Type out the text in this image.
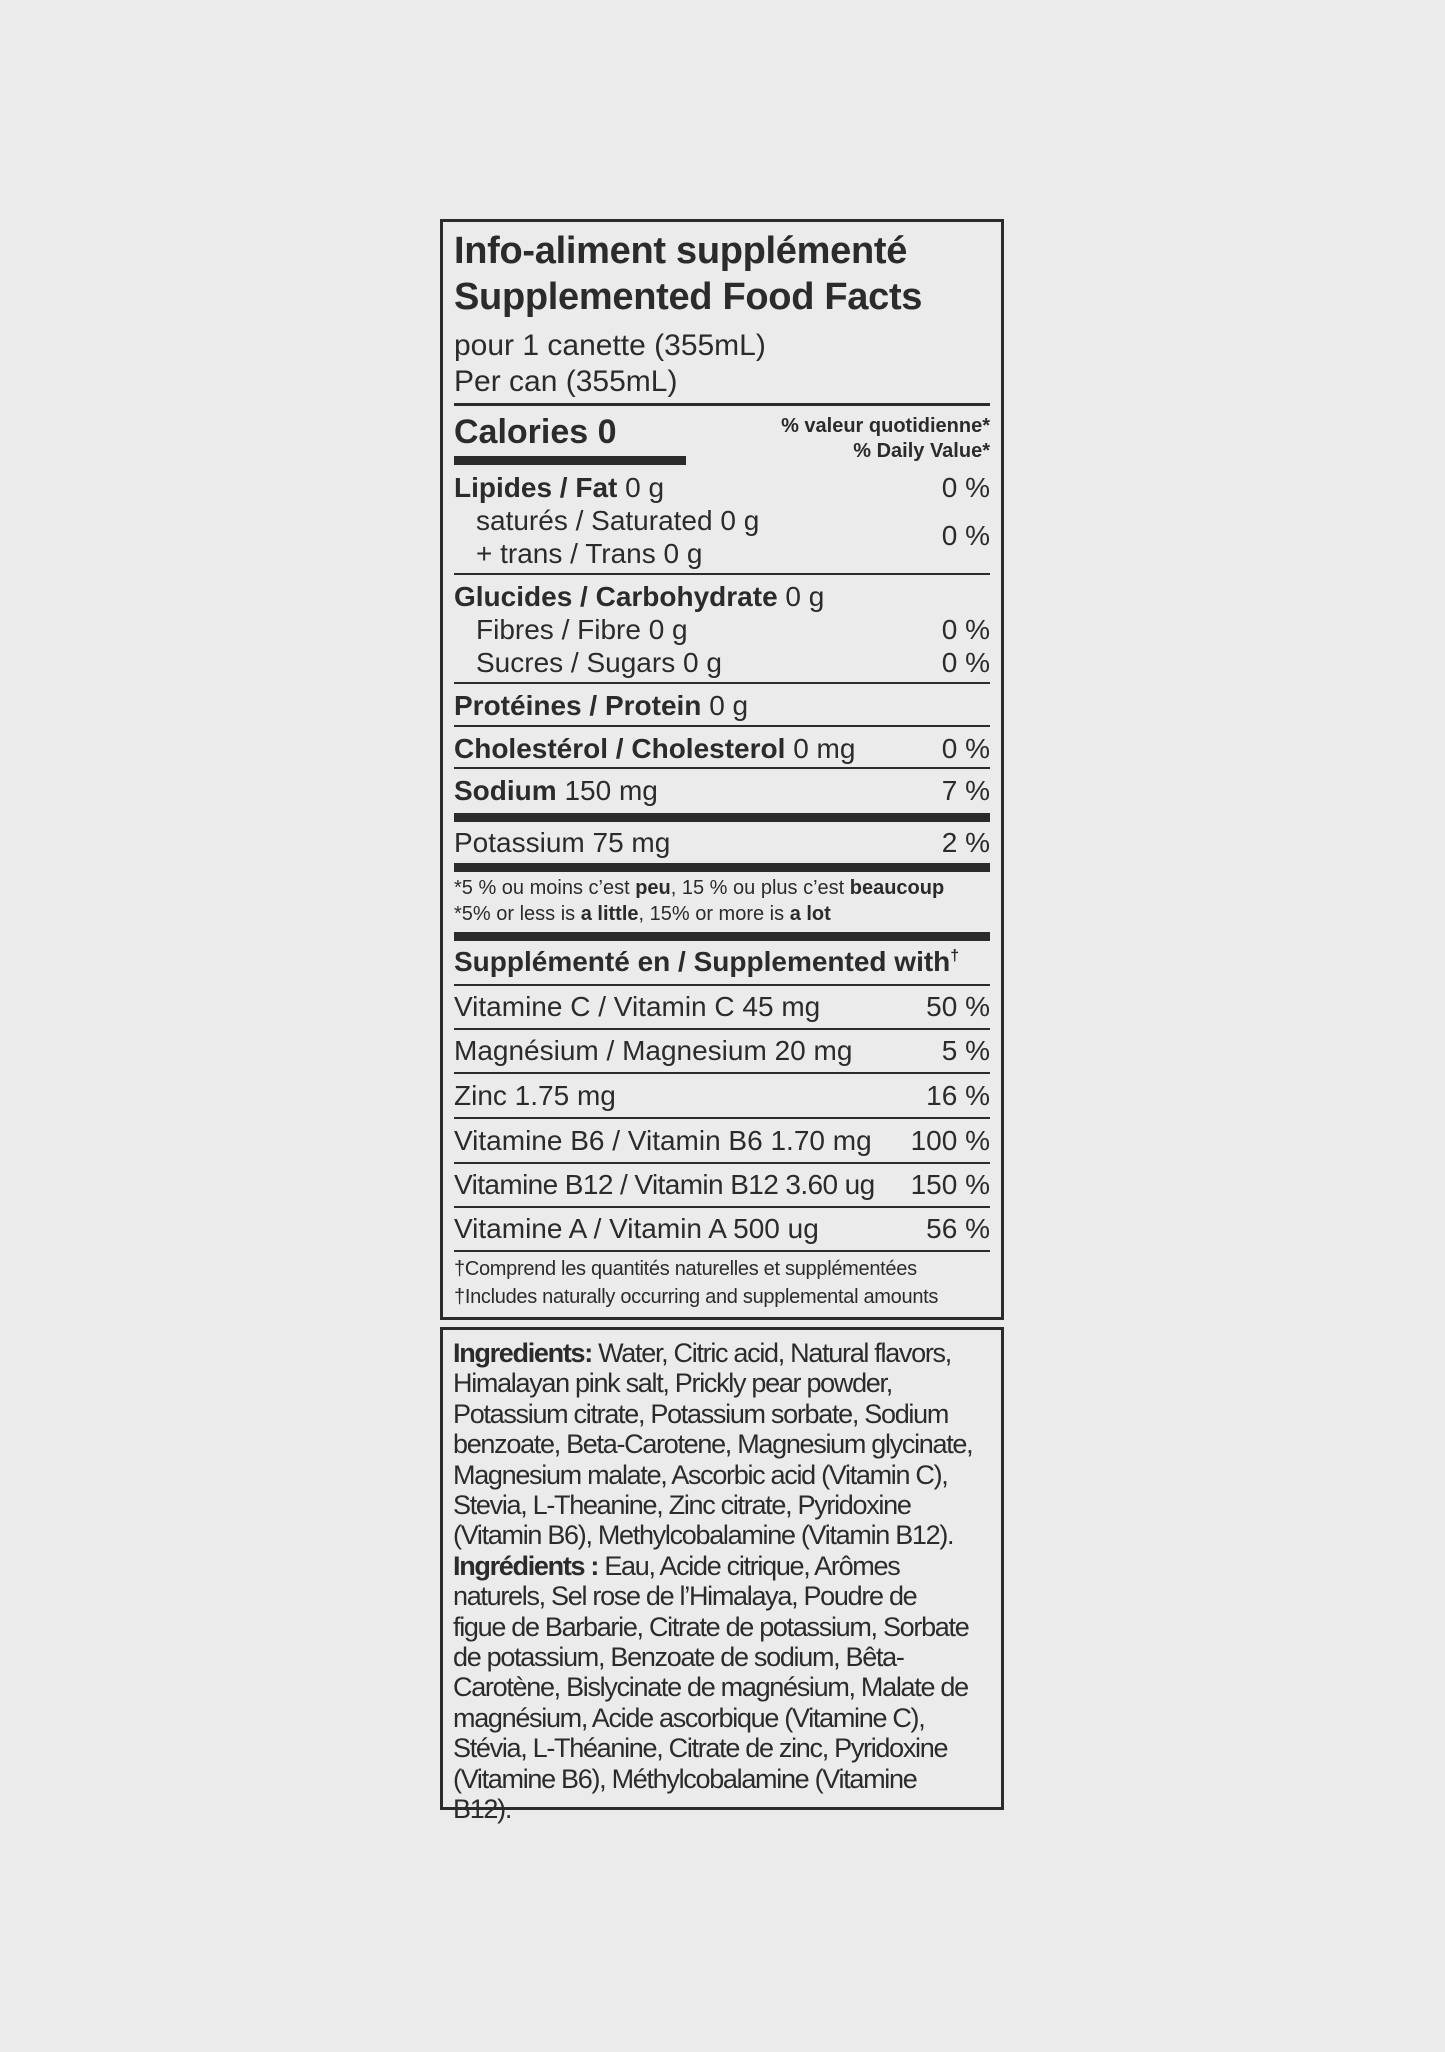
Info-aliment supplémenté
Supplemented Food Facts
pour 1 canette (355mL)
Per can (355mL)
Calories 0	% valeur quotidienne*
% Daily Value*
Lipides / Fat 0 g	0 %
saturés / Saturated 0 g
+ trans / Trans 0 g
0 %
Glucides / Carbohydrate 0 g
Fibres / Fibre 0 g	0 %
Sucres / Sugars 0 g	0 %
Protéines / Protein 0 g
Cholestérol / Cholesterol 0 mg	0 %
Sodium 150 mg	7 %
Potassium 75 mg	2 %
*5 % ou moins c’est peu, 15 % ou plus c’est beaucoup
*5% or less is a little, 15% or more is a lot
Supplémenté en / Supplemented with†
Vitamine C / Vitamin C 45 mg	50 %
Magnésium / Magnesium 20 mg	5 %
Zinc 1.75 mg	16 %
Vitamine B6 / Vitamin B6 1.70 mg 100 %
Vitamine B12 / Vitamin B12 3.60 ug 150 %
Vitamine A / Vitamin A 500 ug	56 %
†Comprend les quantités naturelles et supplémentées
†Includes naturally occurring and supplemental amounts

Ingredients: Water, Citric acid, Natural flavors, Himalayan pink salt, Prickly pear powder, Potassium citrate, Potassium sorbate, Sodium benzoate, Beta-Carotene, Magnesium glycinate, Magnesium malate, Ascorbic acid (Vitamin C), Stevia, L-Theanine, Zinc citrate, Pyridoxine (Vitamin B6), Methylcobalamine (Vitamin B12).

Ingrédients : Eau, Acide citrique, Arômes naturels, Sel rose de l’Himalaya, Poudre de figue de Barbarie, Citrate de potassium, Sorbate de potassium, Benzoate de sodium, Bêta-Carotène, Bislycinate de magnésium, Malate de magnésium, Acide ascorbique (Vitamine C), Stévia, L-Théanine, Citrate de zinc, Pyridoxine (Vitamine B6), Méthylcobalamine (Vitamine B12).
